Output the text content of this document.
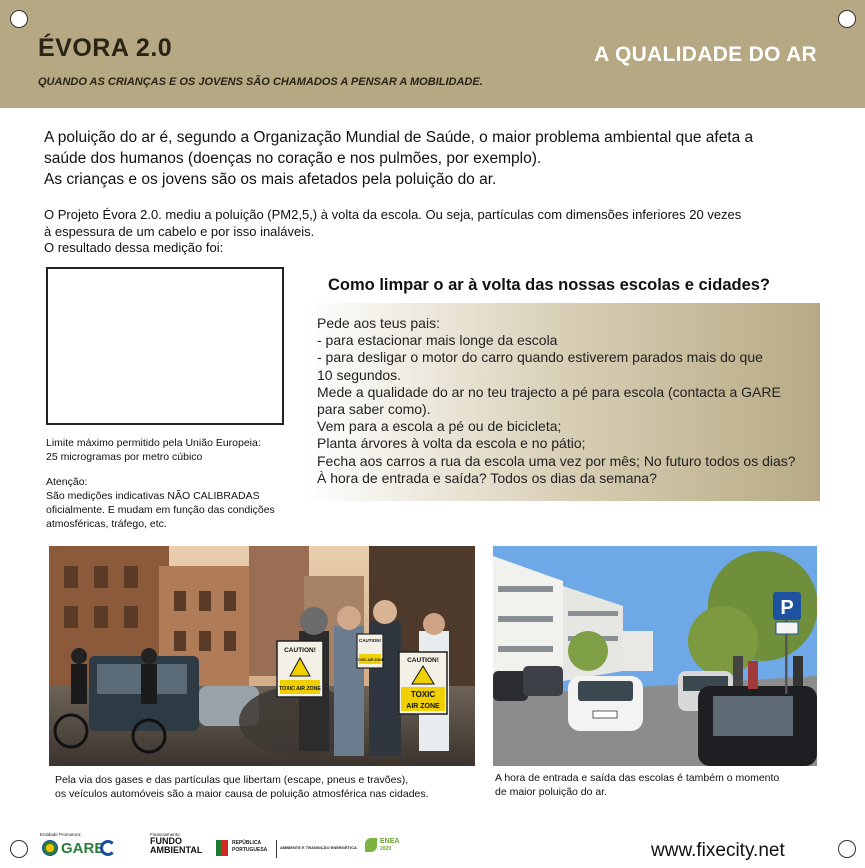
ÉVORA 2.0
QUANDO AS CRIANÇAS E OS JOVENS SÃO CHAMADOS A PENSAR A MOBILIDADE.
A QUALIDADE DO AR
A poluição do ar é, segundo a Organização Mundial de Saúde, o maior problema ambiental que afeta a
saúde dos humanos (doenças no coração e nos pulmões, por exemplo).
As crianças e os jovens são os mais afetados pela poluição do ar.
O Projeto Évora 2.0. mediu a poluição (PM2,5,) à volta da escola. Ou seja, partículas com dimensões inferiores 20 vezes
à espessura de um cabelo e por isso inaláveis.
O resultado dessa medição foi:
Limite máximo permitido pela União Europeia:
25 microgramas por metro cúbico
Atenção:
São medições indicativas NÃO CALIBRADAS
oficialmente. E mudam em função das condições
atmosféricas, tráfego, etc.
Como limpar o ar à volta das nossas escolas e cidades?
Pede aos teus pais:
- para estacionar mais longe da escola
- para desligar o motor do carro quando estiverem parados mais do que
10 segundos.
Mede a qualidade do ar no teu trajecto a pé para escola (contacta a GARE
para saber como).
Vem para a escola a pé ou de bicicleta;
Planta árvores à volta da escola e no pátio;
Fecha aos carros a rua da escola uma vez por mês; No futuro todos os dias?
À hora de entrada e saída? Todos os dias da semana?
CAUTION!
TOXIC AIR ZONE
CAUTION!
TOXIC AIR ZONE	CAUTION!
TOXIC
AIR ZONE
Pela via dos gases e das partículas que libertam (escape, pneus e travões),
os veículos automóveis são a maior causa de poluição atmosférica nas cidades.
P
A hora de entrada e saída das escolas é também o momento
de maior poluição do ar.
Entidade Promotora:
GARE
Financiamento:
FUNDO
AMBIENTAL
REPÚBLICA
PORTUGUESA	AMBIENTE E TRANSIÇÃO ENERGÉTICA
ENEA
2020	www.fixecity.net
